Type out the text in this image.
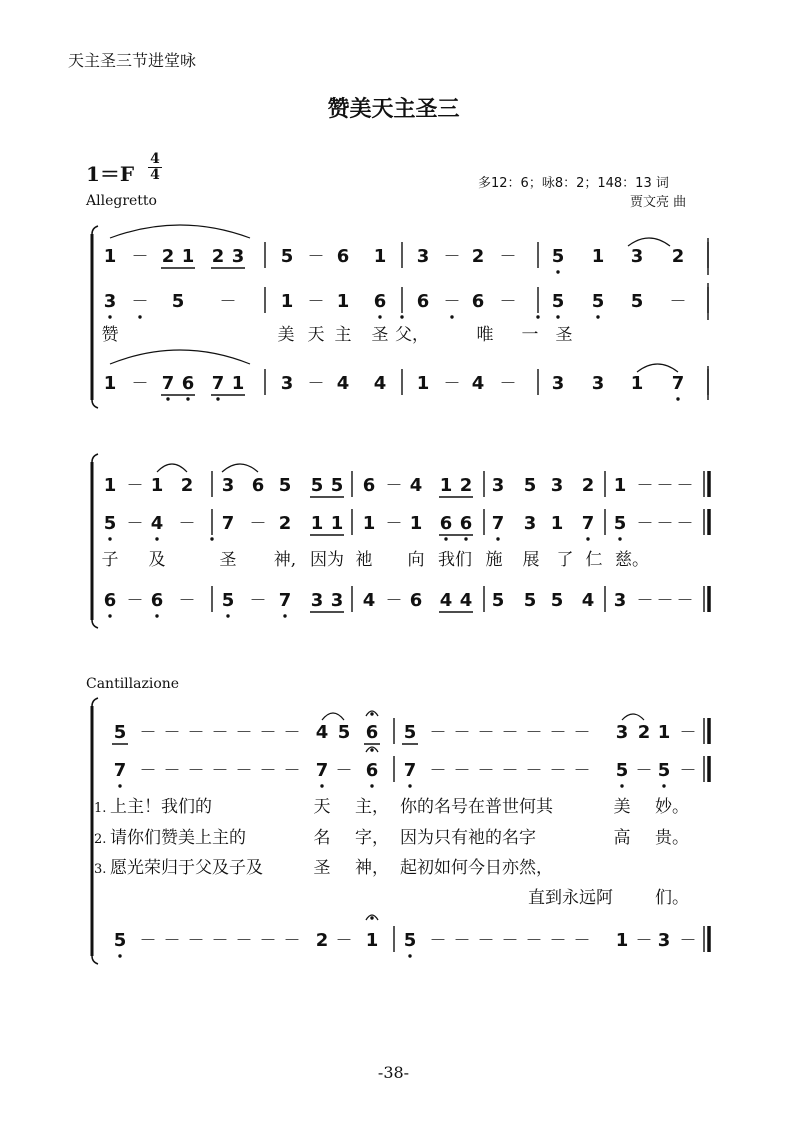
天主圣三节进堂咏
赞美天主圣三
1＝F
4
4
Allegretto
多12：6；咏8：2；148：13 词
贾文亮 曲
Cantillazione
-38-
1 － 2 1 2 3 5 － 6 1 3 － 2 － 5 1 3 2
3 － 5 － 1 － 1 6 6 － 6 － 5 5 5 －
1 － 7 6 7 1 3 － 4 4 1 － 4 － 3 3 1 7
赞	美 天 主 圣 父，	唯 一 圣
1 － 1 2 3 6 5 5 5 6 － 4 1 2 3 5 3 2 1 － － －
5 － 4 － 7 － 2 1 1 1 － 1 6 6 7 3 1 7 5 － － －
6 － 6 － 5 － 7 3 3 4 － 6 4 4 5 5 5 4 3 － － －
子 及	圣 神, 因为 祂 向 我们 施 展 了 仁 慈。
5 － － － － － － － 4 5 6 5 － － － － － － － 3 2 1 －
7 － － － － － － － 7 － 6 7 － － － － － － － 5 － 5 －
5 － － － － － － － 2 － 1 5 － － － － － － － 1 － 3 －
1. 上主！我们的	天 主， 你的名号在普世何其	美 妙。
2. 请你们赞美上主的	名 字， 因为只有祂的名字	高 贵。
3. 愿光荣归于父及子及	圣 神， 起初如何今日亦然，
直到永远阿 们。
